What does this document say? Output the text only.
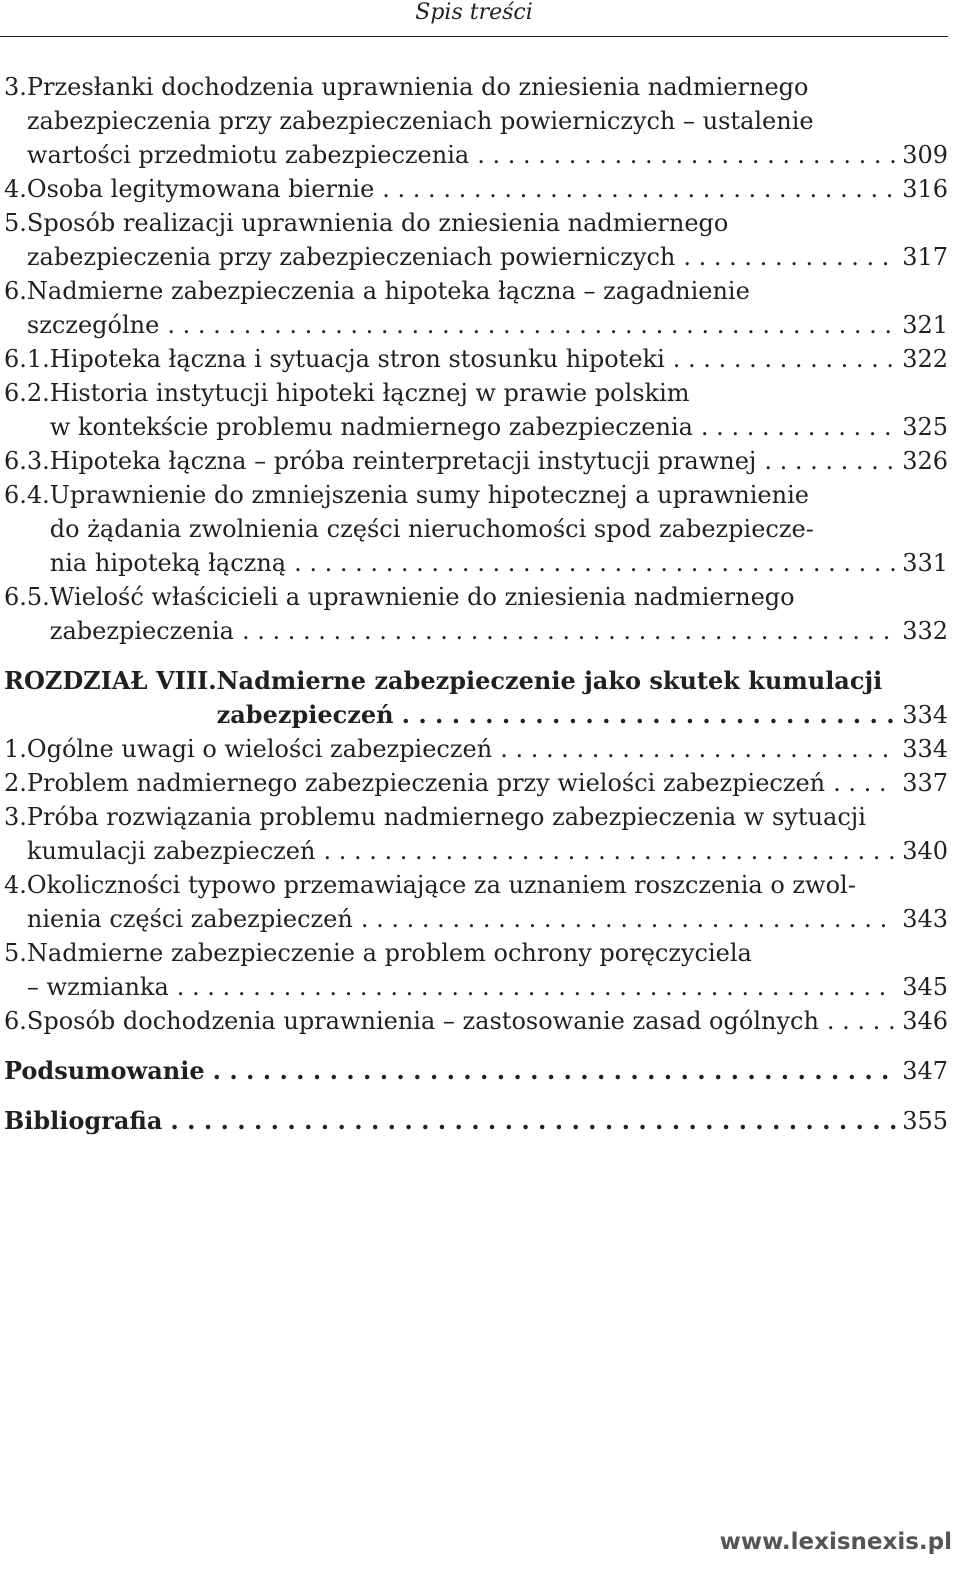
Spis treści
3. Przesłanki dochodzenia uprawnienia do zniesienia nadmiernego
zabezpieczenia przy zabezpieczeniach powierniczych – ustalenie
wartości przedmiotu zabezpieczenia . . .	309
4. Osoba legitymowana biernie . . .	316
5. Sposób realizacji uprawnienia do zniesienia nadmiernego
zabezpieczenia przy zabezpieczeniach powierniczych . . .	317
6. Nadmierne zabezpieczenia a hipoteka łączna – zagadnienie
szczególne . . .	321
6.1. Hipoteka łączna i sytuacja stron stosunku hipoteki . . .	322
6.2. Historia instytucji hipoteki łącznej w prawie polskim
w kontekście problemu nadmiernego zabezpieczenia . . .	325
6.3. Hipoteka łączna – próba reinterpretacji instytucji prawnej . . .	326
6.4. Uprawnienie do zmniejszenia sumy hipotecznej a uprawnienie
do żądania zwolnienia części nieruchomości spod zabezpiecze-
nia hipoteką łączną . . .	331
6.5. Wielość właścicieli a uprawnienie do zniesienia nadmiernego
zabezpieczenia . . .	332
ROZDZIAŁ VIII. Nadmierne zabezpieczenie jako skutek kumulacji
zabezpieczeń . . .	334
1. Ogólne uwagi o wielości zabezpieczeń . . .	334
2. Problem nadmiernego zabezpieczenia przy wielości zabezpieczeń . . .	337
3. Próba rozwiązania problemu nadmiernego zabezpieczenia w sytuacji
kumulacji zabezpieczeń . . .	340
4. Okoliczności typowo przemawiające za uznaniem roszczenia o zwol-
nienia części zabezpieczeń . . .	343
5. Nadmierne zabezpieczenie a problem ochrony poręczyciela
– wzmianka . . .	345
6. Sposób dochodzenia uprawnienia – zastosowanie zasad ogólnych . . .	346
Podsumowanie . . .	347
Bibliografia . . .	355
www.lexisnexis.pl
